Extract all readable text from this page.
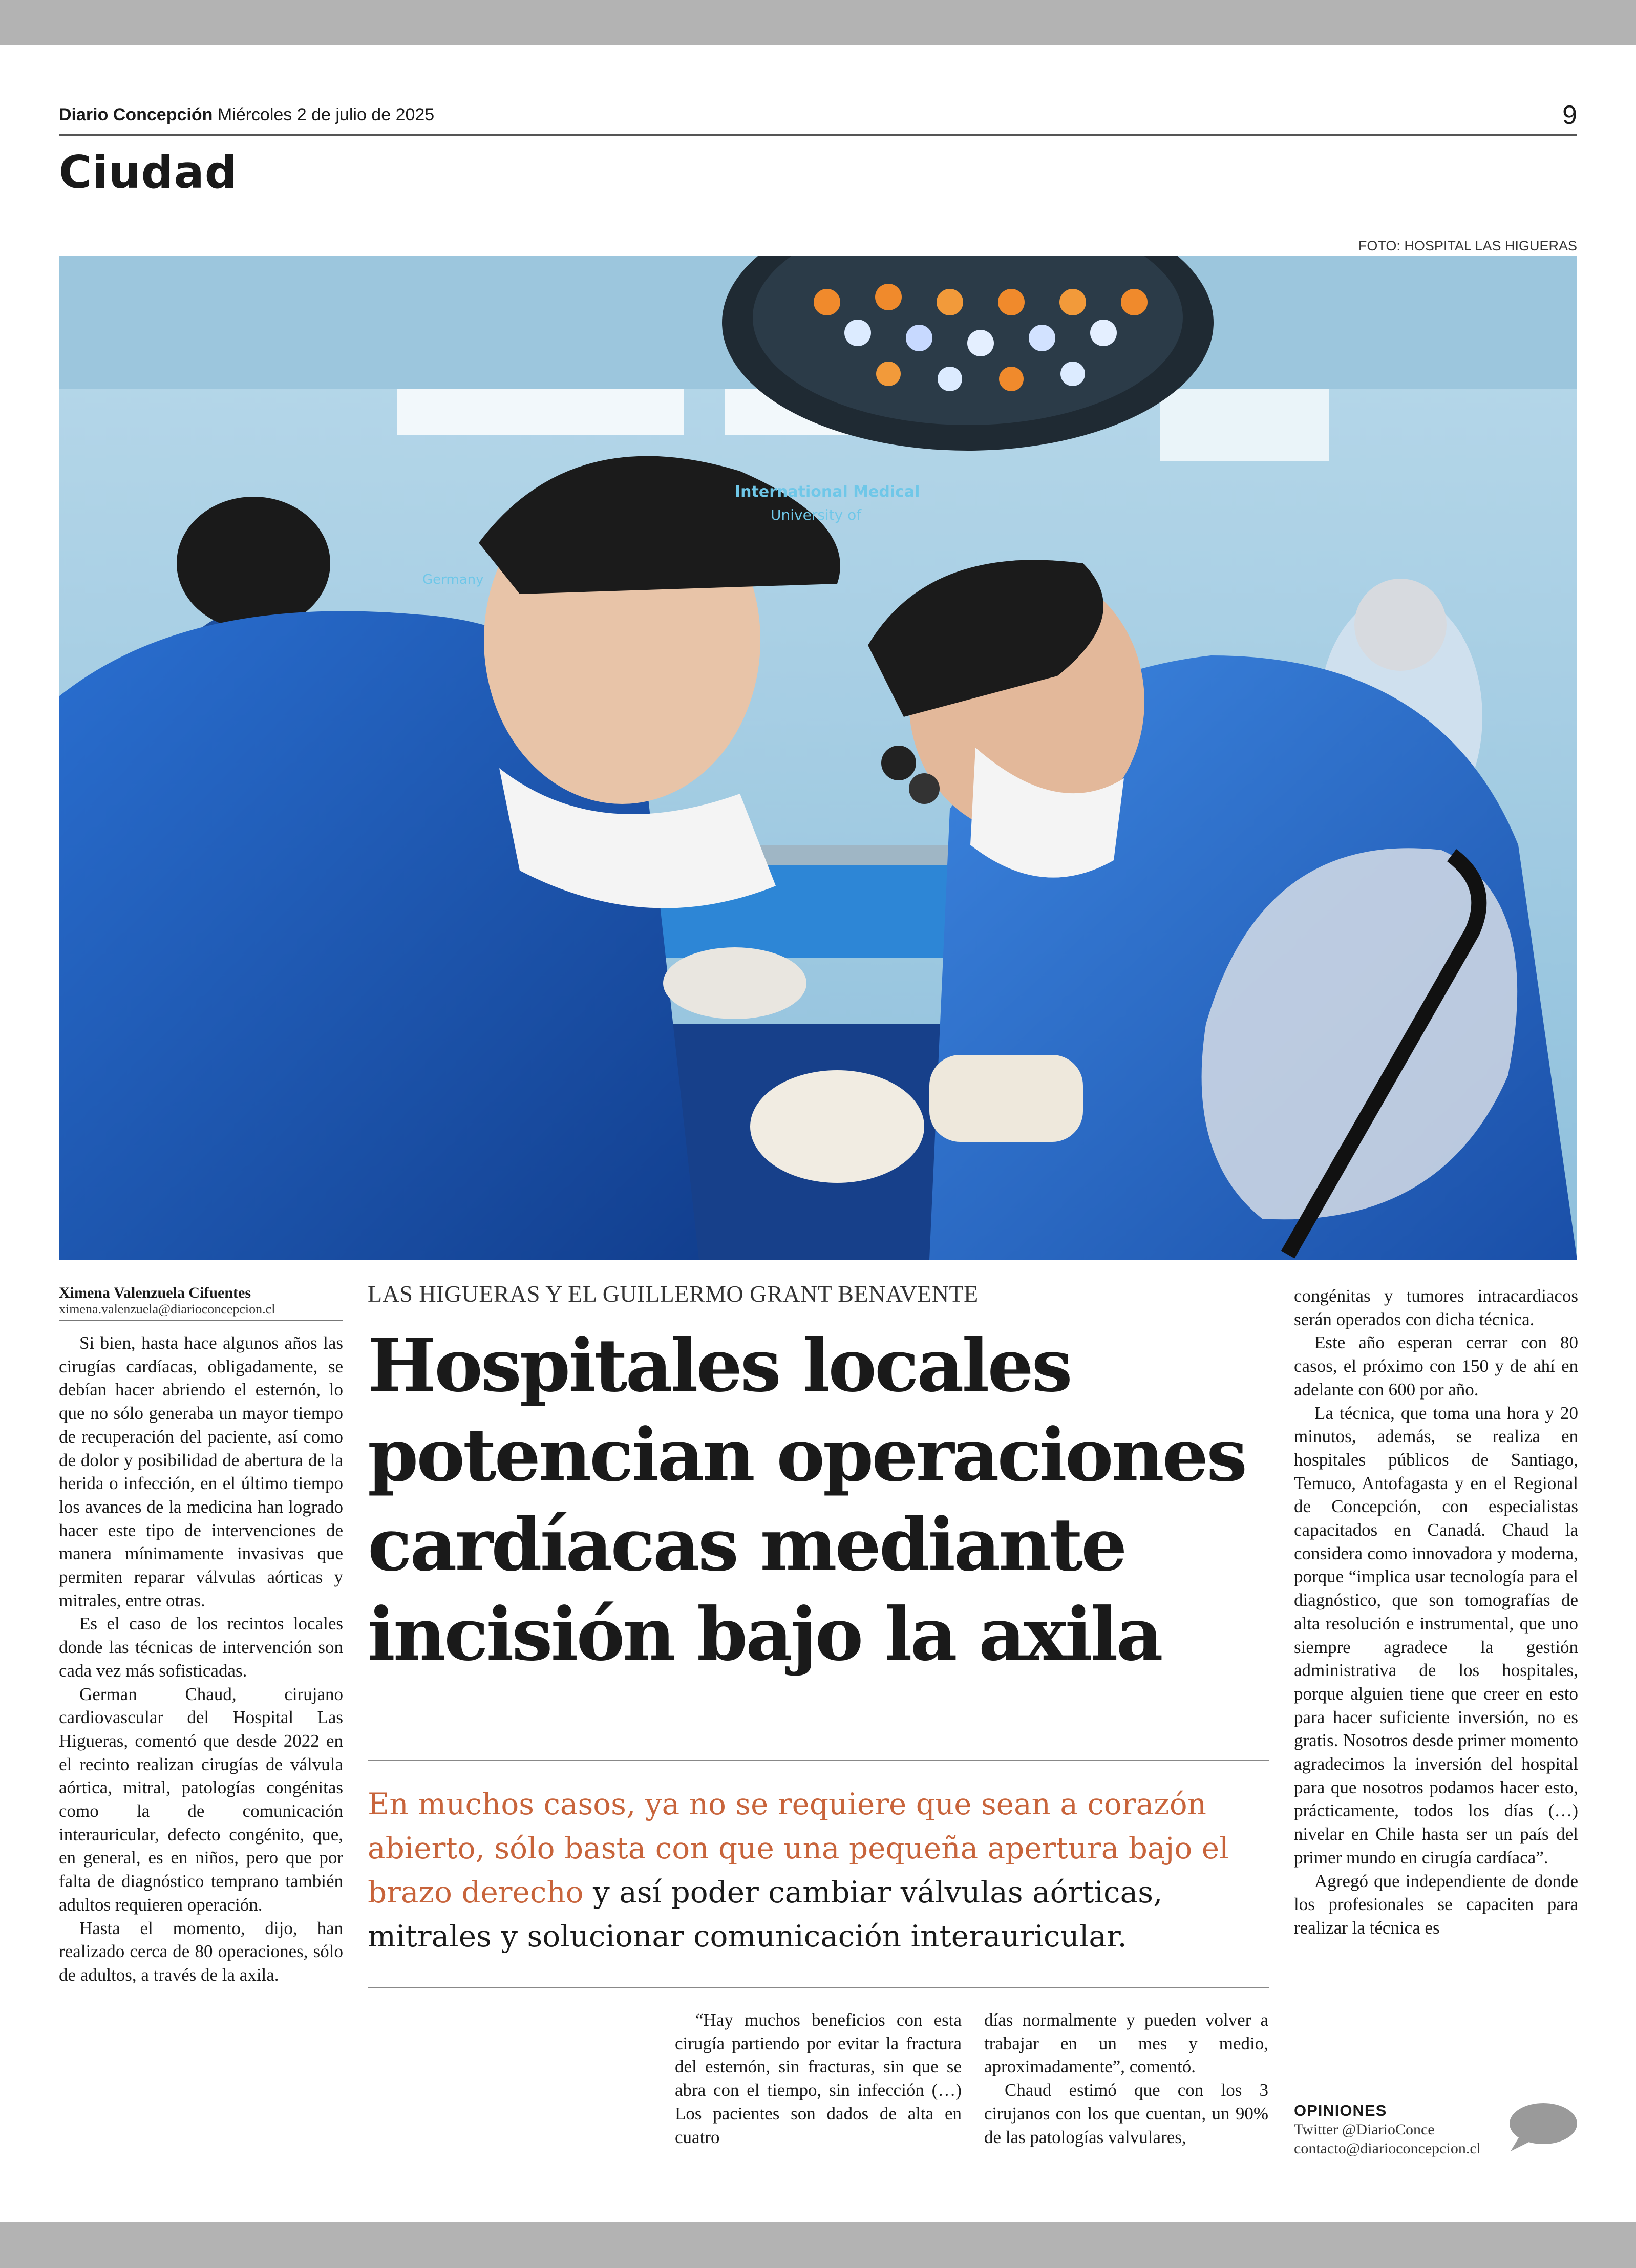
Diario Concepción Miércoles 2 de julio de 2025	9
Ciudad
FOTO: HOSPITAL LAS HIGUERAS
International Medical
University of
Germany
Ximena Valenzuela Cifuentes
ximena.valenzuela@diarioconcepcion.cl

Si bien, hasta hace algunos años las cirugías cardíacas, obligadamente, se debían hacer abriendo el esternón, lo que no sólo generaba un mayor tiempo de recuperación del paciente, así como de dolor y posibilidad de abertura de la herida o infección, en el último tiempo los avances de la medicina han logrado hacer este tipo de intervenciones de manera mínimamente invasivas que permiten reparar válvulas aórticas y mitrales, entre otras.

Es el caso de los recintos locales donde las técnicas de intervención son cada vez más sofisticadas.

German Chaud, cirujano cardiovascular del Hospital Las Higueras, comentó que desde 2022 en el recinto realizan cirugías de válvula aórtica, mitral, patologías congénitas como la de comunicación interauricular, defecto congénito, que, en general, es en niños, pero que por falta de diagnóstico temprano también adultos requieren operación.

Hasta el momento, dijo, han realizado cerca de 80 operaciones, sólo de adultos, a través de la axila.

LAS HIGUERAS Y EL GUILLERMO GRANT BENAVENTE
Hospitales locales
potencian operaciones
cardíacas mediante
incisión bajo la axila
En muchos casos, ya no se requiere que sean a corazón abierto, sólo basta con que una pequeña apertura bajo el brazo derecho y así poder cambiar válvulas aórticas, mitrales y solucionar comunicación interauricular.

“Hay muchos beneficios con esta cirugía partiendo por evitar la fractura del esternón, sin fracturas, sin que se abra con el tiempo, sin infección (…) Los pacientes son dados de alta en cuatro

días normalmente y pueden volver a trabajar en un mes y medio, aproximadamente”, comentó.

Chaud estimó que con los 3 cirujanos con los que cuentan, un 90% de las patologías valvulares,

congénitas y tumores intracardiacos serán operados con dicha técnica.

Este año esperan cerrar con 80 casos, el próximo con 150 y de ahí en adelante con 600 por año.

La técnica, que toma una hora y 20 minutos, además, se realiza en hospitales públicos de Santiago, Temuco, Antofagasta y en el Regional de Concepción, con especialistas capacitados en Canadá. Chaud la considera como innovadora y moderna, porque “implica usar tecnología para el diagnóstico, que son tomografías de alta resolución e instrumental, que uno siempre agradece la gestión administrativa de los hospitales, porque alguien tiene que creer en esto para hacer suficiente inversión, no es gratis. Nosotros desde primer momento agradecimos la inversión del hospital para que nosotros podamos hacer esto, prácticamente, todos los días (…) nivelar en Chile hasta ser un país del primer mundo en cirugía cardíaca”.

Agregó que independiente de donde los profesionales se capaciten para realizar la técnica es

OPINIONES
Twitter @DiarioConce
contacto@diarioconcepcion.cl
